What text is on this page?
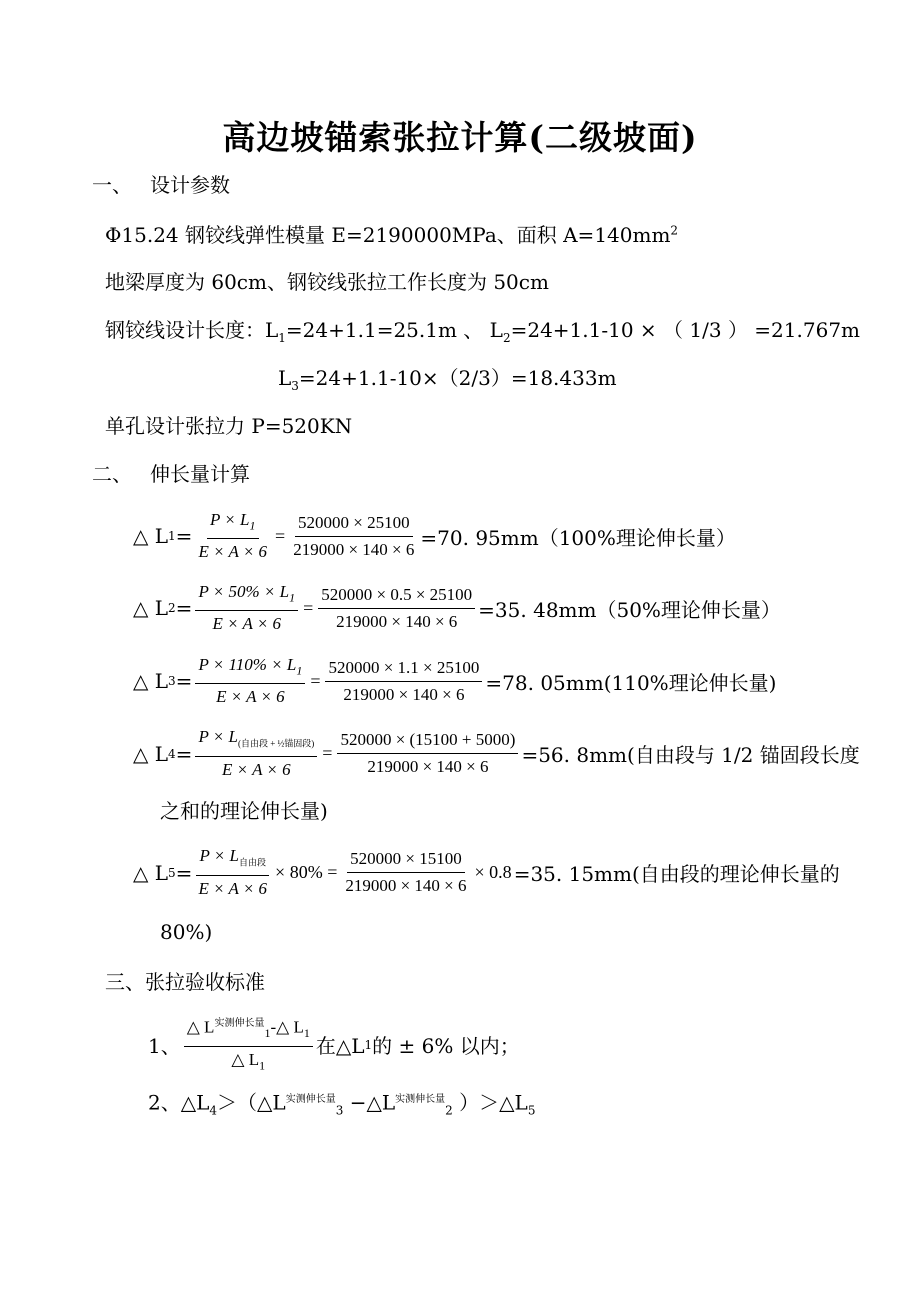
高边坡锚索张拉计算(二级坡面)
一、 设计参数
Φ15.24 钢铰线弹性模量 E=2190000MPa、面积 $A=140mm^2$
地梁厚度为 60cm、钢铰线张拉工作长度为 50cm
钢铰线设计长度：$L_1=24+1.1=25.1m$ 、 $L_2=24+1.1-10$ × （ 1/3 ） =21.767m
$L_3=24+1.1-10\times(2/3)=18.433m$
单孔设计张拉力 P=520KN
二、 伸长量计算
△ L $1 = \frac{P \times L_1}{E \times A \times 6} = \frac{520000 \times 25100}{219000 \times 140 \times 6} =70$. 95mm（100%理论伸长量）
△ L $2 = \frac{P \times 50\% \times L_1}{E \times A \times 6} = \frac{520000 \times 0.5 \times 25100}{219000 \times 140 \times 6} =35$. 48mm（50%理论伸长量）
△ L $3 = \frac{P \times 110\% \times L_1}{E \times A \times 6} = \frac{520000 \times 1.1 \times 25100}{219000 \times 140 \times 6} =78$. 05mm(110%理论伸长量)
△ L $4 = \frac{P \times L_{(自由段 + \frac{1}{2}锚固段)}}{E \times A \times 6} = \frac{520000 \times (15100 + 5000)}{219000 \times 140 \times 6} =56$. 8mm(自由段与 1/2 锚固段长度
之和的理论伸长量)
△ L $5 = \frac{P \times L_{自由段}}{E \times A \times 6} \times 80\% = \frac{520000 \times 15100}{219000 \times 140 \times 6} \times 0.8 =35$. 15mm(自由段的理论伸长量的
80%)
三、张拉验收标准
1、 $\frac{\triangle L^{实测伸长量}_1-\triangle L_1}{\triangle L_1}$ 在△L 1 的 ± 6% 以内；
2、$\triangle L_4>(\triangle L^{实测伸长量}_3$ $-\triangle L^{实测伸长量}_2$ ）$>\triangle L_5$
